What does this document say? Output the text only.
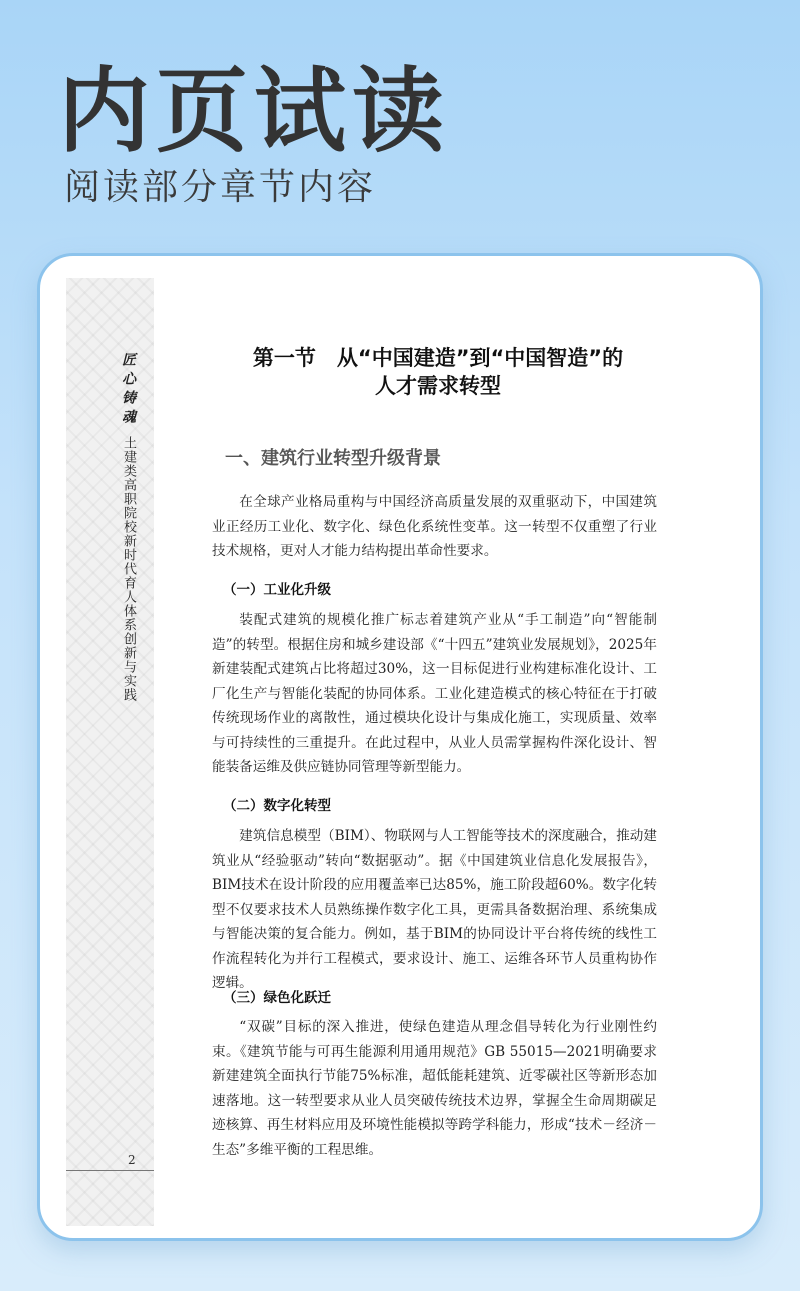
内页试读
阅读部分章节内容
匠心铸魂土建类高职院校新时代育人体系创新与实践
2
第一节　从“中国建造”到“中国智造”的
人才需求转型
一、建筑行业转型升级背景

在全球产业格局重构与中国经济高质量发展的双重驱动下，中国建筑业正经历工业化、数字化、绿色化系统性变革。这一转型不仅重塑了行业技术规格，更对人才能力结构提出革命性要求。

（一）工业化升级

装配式建筑的规模化推广标志着建筑产业从“手工制造”向“智能制造”的转型。根据住房和城乡建设部《“十四五”建筑业发展规划》，2025年新建装配式建筑占比将超过30%，这一目标促进行业构建标准化设计、工厂化生产与智能化装配的协同体系。工业化建造模式的核心特征在于打破传统现场作业的离散性，通过模块化设计与集成化施工，实现质量、效率与可持续性的三重提升。在此过程中，从业人员需掌握构件深化设计、智能装备运维及供应链协同管理等新型能力。

（二）数字化转型

建筑信息模型（BIM）、物联网与人工智能等技术的深度融合，推动建筑业从“经验驱动”转向“数据驱动”。据《中国建筑业信息化发展报告》，BIM技术在设计阶段的应用覆盖率已达85%，施工阶段超60%。数字化转型不仅要求技术人员熟练操作数字化工具，更需具备数据治理、系统集成与智能决策的复合能力。例如，基于BIM的协同设计平台将传统的线性工作流程转化为并行工程模式，要求设计、施工、运维各环节人员重构协作逻辑。

（三）绿色化跃迁

“双碳”目标的深入推进，使绿色建造从理念倡导转化为行业刚性约束。《建筑节能与可再生能源利用通用规范》GB 55015—2021明确要求新建建筑全面执行节能75%标准，超低能耗建筑、近零碳社区等新形态加速落地。这一转型要求从业人员突破传统技术边界，掌握全生命周期碳足迹核算、再生材料应用及环境性能模拟等跨学科能力，形成“技术－经济－生态”多维平衡的工程思维。
